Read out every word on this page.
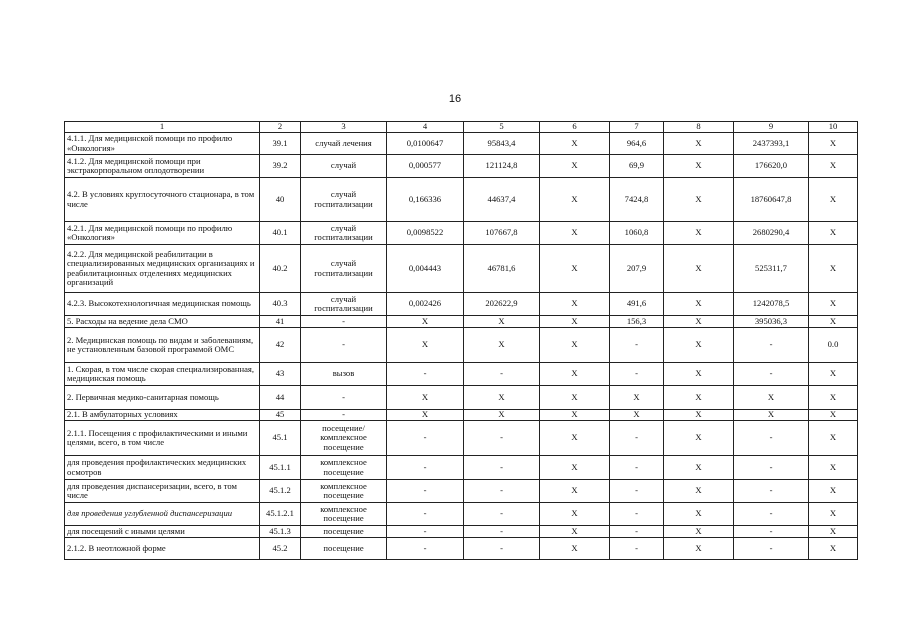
16
1	2	3	4	5	6	7	8	9	10
4.1.1. Для медицинской помощи по профилю «Онкология»	39.1	случай лечения	0,0100647	95843,4	X	964,6	X	2437393,1	X
4.1.2. Для медицинской помощи при экстракорпоральном оплодотворении	39.2	случай	0,000577	121124,8	X	69,9	X	176620,0	X
4.2. В условиях круглосуточного стационара, в том числе	40	случай госпитализации	0,166336	44637,4	X	7424,8	X	18760647,8	X
4.2.1. Для медицинской помощи по профилю «Онкология»	40.1	случай госпитализации	0,0098522	107667,8	X	1060,8	X	2680290,4	X
4.2.2. Для медицинской реабилитации в специализированных медицинских организациях и реабилитационных отделениях медицинских организаций	40.2	случай госпитализации	0,004443	46781,6	X	207,9	X	525311,7	X
4.2.3. Высокотехнологичная медицинская помощь	40.3	случай госпитализации	0,002426	202622,9	X	491,6	X	1242078,5	X
5. Расходы на ведение дела СМО	41	-	X	X	X	156,3	X	395036,3	X
2. Медицинская помощь по видам и заболеваниям, не установленным базовой программой ОМС	42	-	X	X	X	-	X	-	0.0
1. Скорая, в том числе скорая специализированная, медицинская помощь	43	вызов	-	-	X	-	X	-	X
2. Первичная медико-санитарная помощь	44	-	X	X	X	X	X	X	X
2.1. В амбулаторных условиях	45	-	X	X	X	X	X	X	X
2.1.1. Посещения с профилактическими и иными целями, всего, в том числе	45.1	посещение/ комплексное посещение	-	-	X	-	X	-	X
для проведения профилактических медицинских осмотров	45.1.1	комплексное посещение	-	-	X	-	X	-	X
для проведения диспансеризации, всего, в том числе	45.1.2	комплексное посещение	-	-	X	-	X	-	X
для проведения углубленной диспансеризации	45.1.2.1	комплексное посещение	-	-	X	-	X	-	X
для посещений с иными целями	45.1.3	посещение	-	-	X	-	X	-	X
2.1.2. В неотложной форме	45.2	посещение	-	-	X	-	X	-	X
